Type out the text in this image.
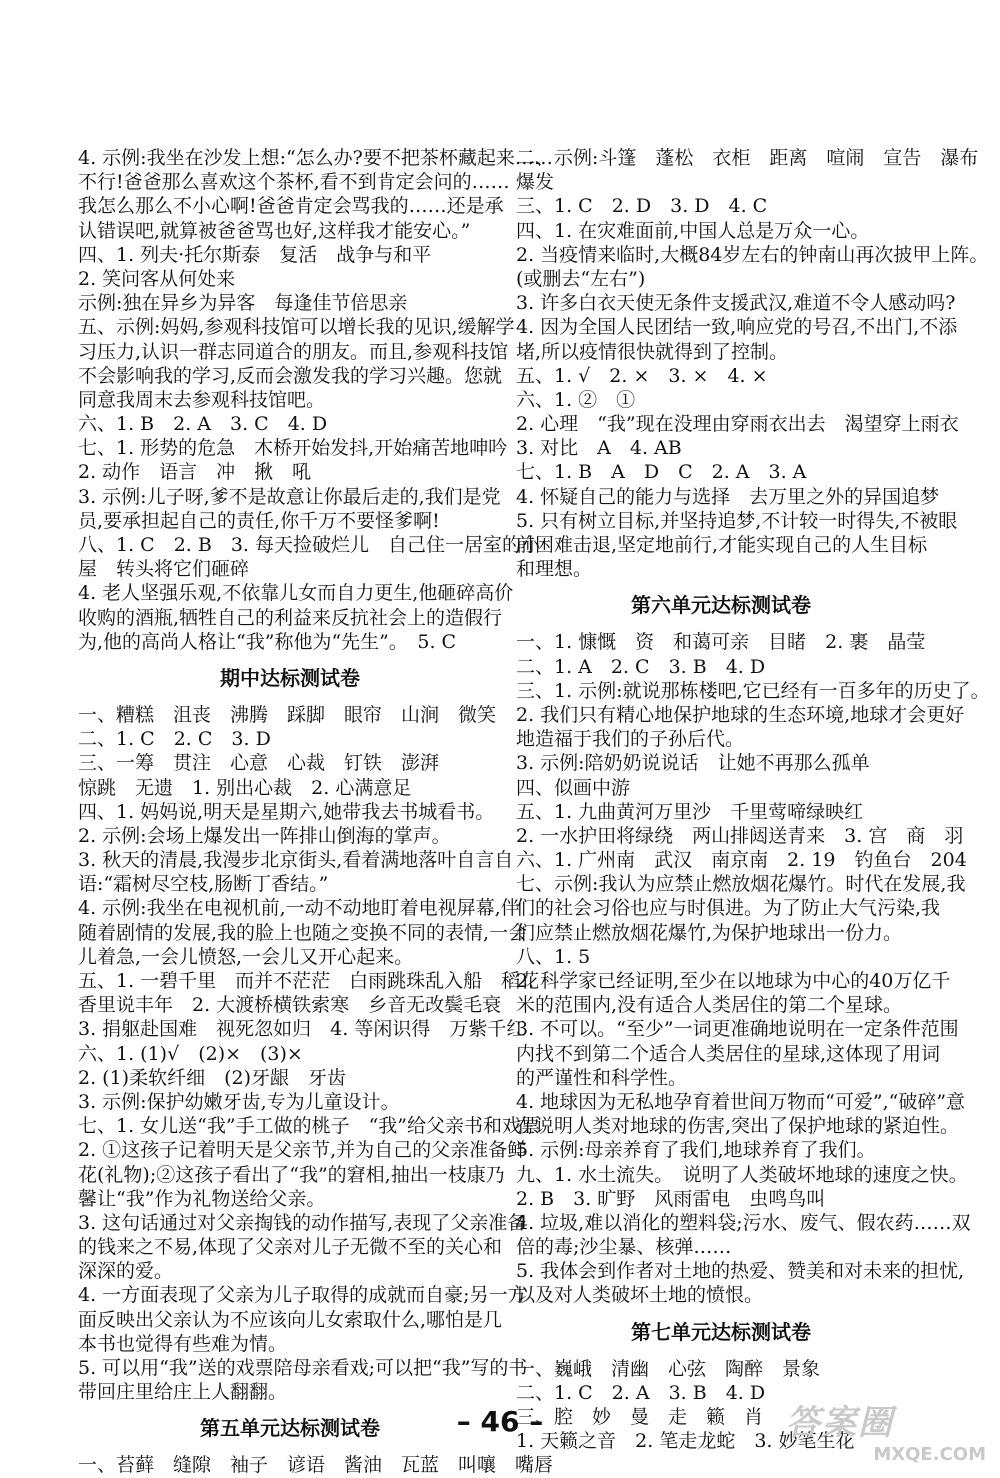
4. 示例:我坐在沙发上想:“怎么办?要不把茶杯藏起来……
不行!爸爸那么喜欢这个茶杯,看不到肯定会问的……
我怎么那么不小心啊!爸爸肯定会骂我的……还是承
认错误吧,就算被爸爸骂也好,这样我才能安心。”
四、1. 列夫·托尔斯泰　复活　战争与和平
2. 笑问客从何处来
示例:独在异乡为异客　每逢佳节倍思亲
五、示例:妈妈,参观科技馆可以增长我的见识,缓解学
习压力,认识一群志同道合的朋友。而且,参观科技馆
不会影响我的学习,反而会激发我的学习兴趣。您就
同意我周末去参观科技馆吧。
六、1. B　2. A　3. C　4. D
七、1. 形势的危急　木桥开始发抖,开始痛苦地呻吟
2. 动作　语言　冲　揪　吼
3. 示例:儿子呀,爹不是故意让你最后走的,我们是党
员,要承担起自己的责任,你千万不要怪爹啊!
八、1. C　2. B　3. 每天捡破烂儿　自己住一居室的小
屋　转头将它们砸碎
4. 老人坚强乐观,不依靠儿女而自力更生,他砸碎高价
收购的酒瓶,牺牲自己的利益来反抗社会上的造假行
为,他的高尚人格让“我”称他为“先生”。　5. C
期中达标测试卷
一、糟糕　沮丧　沸腾　踩脚　眼帘　山涧　微笑
二、1. C　2. C　3. D
三、一筹　贯注　心意　心裁　钉铁　澎湃
惊跳　无遗　1. 别出心裁　2. 心满意足
四、1. 妈妈说,明天是星期六,她带我去书城看书。
2. 示例:会场上爆发出一阵排山倒海的掌声。
3. 秋天的清晨,我漫步北京街头,看着满地落叶自言自
语:“霜树尽空枝,肠断丁香结。”
4. 示例:我坐在电视机前,一动不动地盯着电视屏幕,伴
随着剧情的发展,我的脸上也随之变换不同的表情,一会
儿着急,一会儿愤怒,一会儿又开心起来。
五、1. 一碧千里　而并不茫茫　白雨跳珠乱入船　稻花
香里说丰年　2. 大渡桥横铁索寒　乡音无改鬓毛衰
3. 捐躯赴国难　视死忽如归　4. 等闲识得　万紫千红
六、1. (1)√　(2)×　(3)×
2. (1)柔软纤细　(2)牙龈　牙齿
3. 示例:保护幼嫩牙齿,专为儿童设计。
七、1. 女儿送“我”手工做的桃子　“我”给父亲书和戏票
2. ①这孩子记着明天是父亲节,并为自己的父亲准备鲜
花(礼物);②这孩子看出了“我”的窘相,抽出一枝康乃
馨让“我”作为礼物送给父亲。
3. 这句话通过对父亲掏钱的动作描写,表现了父亲准备
的钱来之不易,体现了父亲对儿子无微不至的关心和
深深的爱。
4. 一方面表现了父亲为儿子取得的成就而自豪;另一方
面反映出父亲认为不应该向儿女索取什么,哪怕是几
本书也觉得有些难为情。
5. 可以用“我”送的戏票陪母亲看戏;可以把“我”写的书
带回庄里给庄上人翻翻。
第五单元达标测试卷
一、苔藓　缝隙　袖子　谚语　酱油　瓦蓝　叫嚷　嘴唇
二、示例:斗篷　蓬松　衣柜　距离　喧闹　宣告　瀑布
爆发
三、1. C　2. D　3. D　4. C
四、1. 在灾难面前,中国人总是万众一心。
2. 当疫情来临时,大概84岁左右的钟南山再次披甲上阵。
(或删去“左右”)
3. 许多白衣天使无条件支援武汉,难道不令人感动吗?
4. 因为全国人民团结一致,响应党的号召,不出门,不添
堵,所以疫情很快就得到了控制。
五、1. √　2. ×　3. ×　4. ×
六、1. ②　①
2. 心理　“我”现在没理由穿雨衣出去　渴望穿上雨衣
3. 对比　A　4. AB
七、1. B　A　D　C　2. A　3. A
4. 怀疑自己的能力与选择　去万里之外的异国追梦
5. 只有树立目标,并坚持追梦,不计较一时得失,不被眼
前困难击退,坚定地前行,才能实现自己的人生目标
和理想。
第六单元达标测试卷
一、1. 慷慨　资　和蔼可亲　目睹　2. 裹　晶莹
二、1. A　2. C　3. B　4. D
三、1. 示例:就说那栋楼吧,它已经有一百多年的历史了。
2. 我们只有精心地保护地球的生态环境,地球才会更好
地造福于我们的子孙后代。
3. 示例:陪奶奶说说话　让她不再那么孤单
四、似画中游
五、1. 九曲黄河万里沙　千里莺啼绿映红
2. 一水护田将绿绕　两山排闼送青来　3. 宫　商　羽
六、1. 广州南　武汉　南京南　2. 19　钓鱼台　204
七、示例:我认为应禁止燃放烟花爆竹。时代在发展,我
们的社会习俗也应与时俱进。为了防止大气污染,我
们应禁止燃放烟花爆竹,为保护地球出一份力。
八、1. 5
2. 科学家已经证明,至少在以地球为中心的40万亿千
米的范围内,没有适合人类居住的第二个星球。
3. 不可以。“至少”一词更准确地说明在一定条件范围
内找不到第二个适合人类居住的星球,这体现了用词
的严谨性和科学性。
4. 地球因为无私地孕育着世间万物而“可爱”,“破碎”意
在说明人类对地球的伤害,突出了保护地球的紧迫性。
5. 示例:母亲养育了我们,地球养育了我们。
九、1. 水土流失。　说明了人类破坏地球的速度之快。
2. B　3. 旷野　风雨雷电　虫鸣鸟叫
4. 垃圾,难以消化的塑料袋;污水、废气、假农药……双
倍的毒;沙尘暴、核弹……
5. 我体会到作者对土地的热爱、赞美和对未来的担忧,
以及对人类破坏土地的愤恨。
第七单元达标测试卷
一、巍峨　清幽　心弦　陶醉　景象
二、1. C　2. A　3. B　4. D
三、腔　妙　曼　走　籁　肖
1. 天籁之音　2. 笔走龙蛇　3. 妙笔生花
– 46 –	答案圈
MXQE.COM
